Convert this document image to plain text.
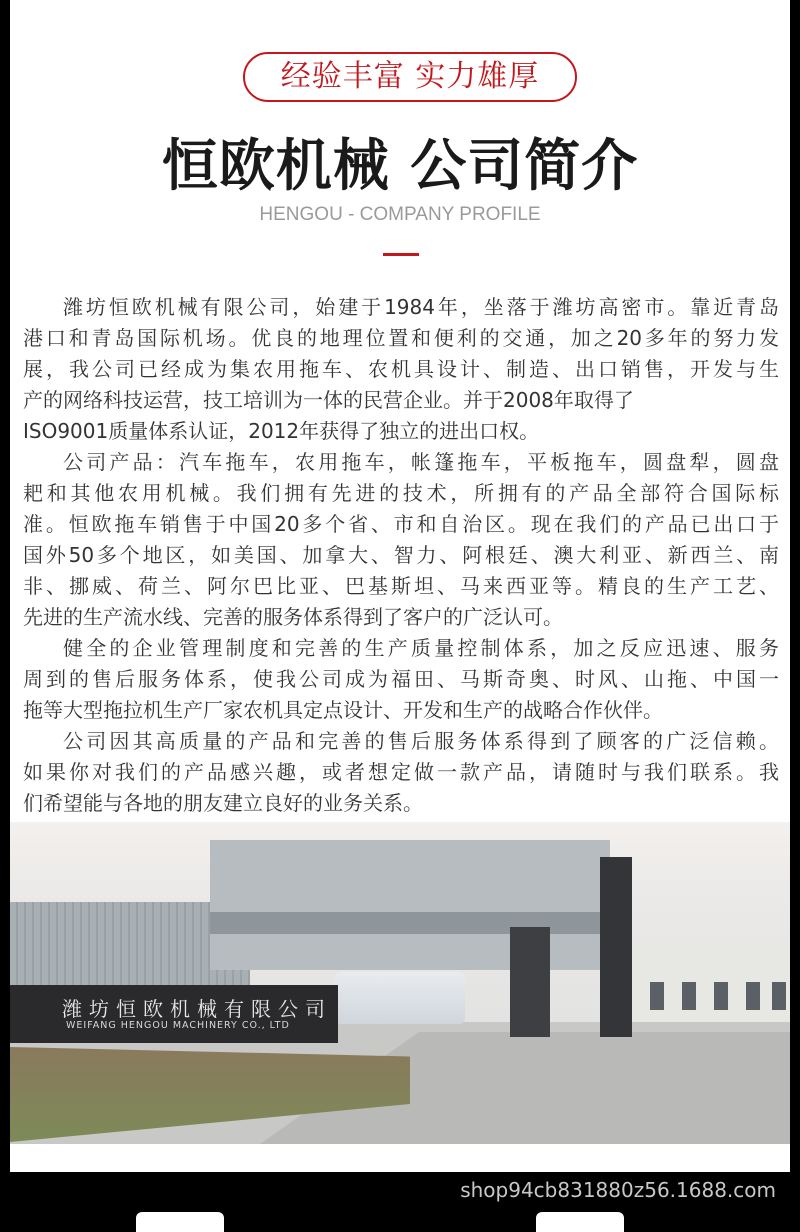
经验丰富 实力雄厚
恒欧机械 公司简介
HENGOU - COMPANY PROFILE
潍坊恒欧机械有限公司，始建于1984年，坐落于潍坊高密市。靠近青岛
港口和青岛国际机场。优良的地理位置和便利的交通，加之20多年的努力发
展，我公司已经成为集农用拖车、农机具设计、制造、出口销售，开发与生
产的网络科技运营，技工培训为一体的民营企业。并于2008年取得了
ISO9001质量体系认证，2012年获得了独立的进出口权。
公司产品：汽车拖车，农用拖车，帐篷拖车，平板拖车，圆盘犁，圆盘
耙和其他农用机械。我们拥有先进的技术，所拥有的产品全部符合国际标
准。恒欧拖车销售于中国20多个省、市和自治区。现在我们的产品已出口于
国外50多个地区，如美国、加拿大、智力、阿根廷、澳大利亚、新西兰、南
非、挪威、荷兰、阿尔巴比亚、巴基斯坦、马来西亚等。精良的生产工艺、
先进的生产流水线、完善的服务体系得到了客户的广泛认可。
健全的企业管理制度和完善的生产质量控制体系，加之反应迅速、服务
周到的售后服务体系，使我公司成为福田、马斯奇奥、时风、山拖、中国一
拖等大型拖拉机生产厂家农机具定点设计、开发和生产的战略合作伙伴。
公司因其高质量的产品和完善的售后服务体系得到了顾客的广泛信赖。
如果你对我们的产品感兴趣，或者想定做一款产品，请随时与我们联系。我
们希望能与各地的朋友建立良好的业务关系。
潍坊恒欧机械有限公司
WEIFANG HENGOU MACHINERY CO., LTD
shop94cb831880z56.1688.com
